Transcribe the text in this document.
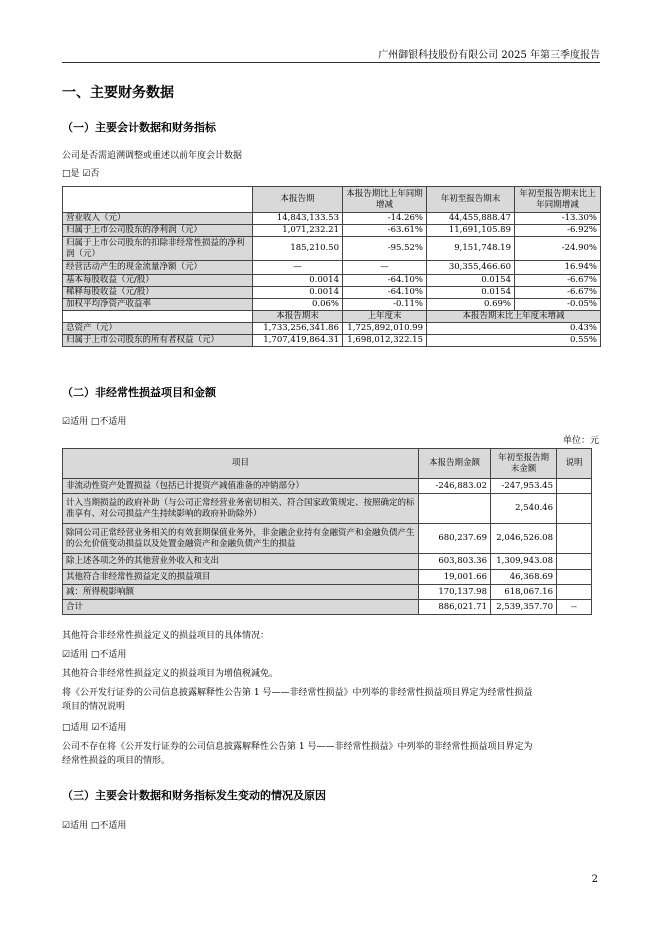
广州御银科技股份有限公司 2025 年第三季度报告
一、主要财务数据
（一）主要会计数据和财务指标
公司是否需追溯调整或重述以前年度会计数据
□是 ☑否
	本报告期	本报告期比上年同期增减	年初至报告期末	年初至报告期末比上年同期增减
营业收入（元）	14,843,133.53	-14.26%	44,455,888.47	-13.30%
归属于上市公司股东的净利润（元）	1,071,232.21	-63.61%	11,691,105.89	-6.92%
归属于上市公司股东的扣除非经常性损益的净利润（元）	185,210.50	-95.52%	9,151,748.19	-24.90%
经营活动产生的现金流量净额（元）	—	—	30,355,466.60	16.94%
基本每股收益（元/股）	0.0014	-64.10%	0.0154	-6.67%
稀释每股收益（元/股）	0.0014	-64.10%	0.0154	-6.67%
加权平均净资产收益率	0.06%	-0.11%	0.69%	-0.05%
	本报告期末	上年度末	本报告期末比上年度末增减	
总资产（元）	1,733,256,341.86	1,725,892,010.99	0.43%	
归属于上市公司股东的所有者权益（元）	1,707,419,864.31	1,698,012,322.15	0.55%	
（二）非经常性损益项目和金额
☑适用 □不适用
单位：元
项目	本报告期金额	年初至报告期末金额	说明
非流动性资产处置损益（包括已计提资产减值准备的冲销部分）	-246,883.02	-247,953.45	
计入当期损益的政府补助（与公司正常经营业务密切相关、符合国家政策规定、按照确定的标准享有、对公司损益产生持续影响的政府补助除外）		2,540.46	
除同公司正常经营业务相关的有效套期保值业务外，非金融企业持有金融资产和金融负债产生的公允价值变动损益以及处置金融资产和金融负债产生的损益	680,237.69	2,046,526.08	
除上述各项之外的其他营业外收入和支出	603,803.36	1,309,943.08	
其他符合非经常性损益定义的损益项目	19,001.66	46,368.69	
减：所得税影响额	170,137.98	618,067.16	
合计	886,021.71	2,539,357.70	--
其他符合非经常性损益定义的损益项目的具体情况：
☑适用 □不适用
其他符合非经常性损益定义的损益项目为增值税减免。
将《公开发行证券的公司信息披露解释性公告第 1 号——非经常性损益》中列举的非经常性损益项目界定为经常性损益
项目的情况说明
□适用 ☑不适用
公司不存在将《公开发行证券的公司信息披露解释性公告第 1 号——非经常性损益》中列举的非经常性损益项目界定为
经常性损益的项目的情形。
（三）主要会计数据和财务指标发生变动的情况及原因
☑适用 □不适用
2
